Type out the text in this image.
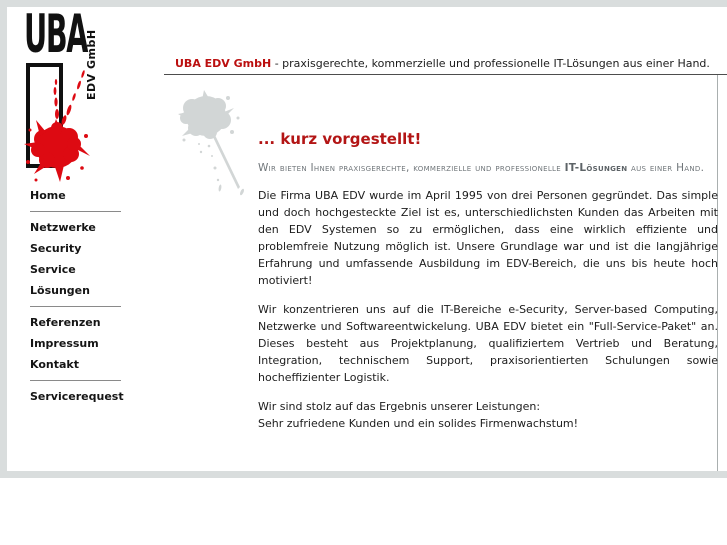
UBA
EDV GmbH	UBA EDV GmbH - praxisgerechte, kommerzielle und professionelle IT-Lösungen aus einer Hand.
Home
Netzwerke
Security
Service
Lösungen
Referenzen
Impressum
Kontakt
Servicerequest
... kurz vorgestellt!
Wir bieten Ihnen praxisgerechte, kommerzielle und professionelle IT-Lösungen aus einer Hand.
Die Firma UBA EDV wurde im April 1995 von drei Personen gegründet. Das simple und doch hochgesteckte Ziel ist es, unterschiedlichsten Kunden das Arbeiten mit den EDV Systemen so zu ermöglichen, dass eine wirklich effiziente und problemfreie Nutzung möglich ist. Unsere Grundlage war und ist die langjährige Erfahrung und umfassende Ausbildung im EDV-Bereich, die uns bis heute hoch motiviert!
Wir konzentrieren uns auf die IT-Bereiche e-Security, Server-based Computing, Netzwerke und Softwareentwickelung. UBA EDV bietet ein "Full-Service-Paket" an. Dieses besteht aus Projektplanung, qualifiziertem Vertrieb und Beratung, Integration, technischem Support, praxisorientierten Schulungen sowie hocheffizienter Logistik.
Wir sind stolz auf das Ergebnis unserer Leistungen:
Sehr zufriedene Kunden und ein solides Firmenwachstum!
